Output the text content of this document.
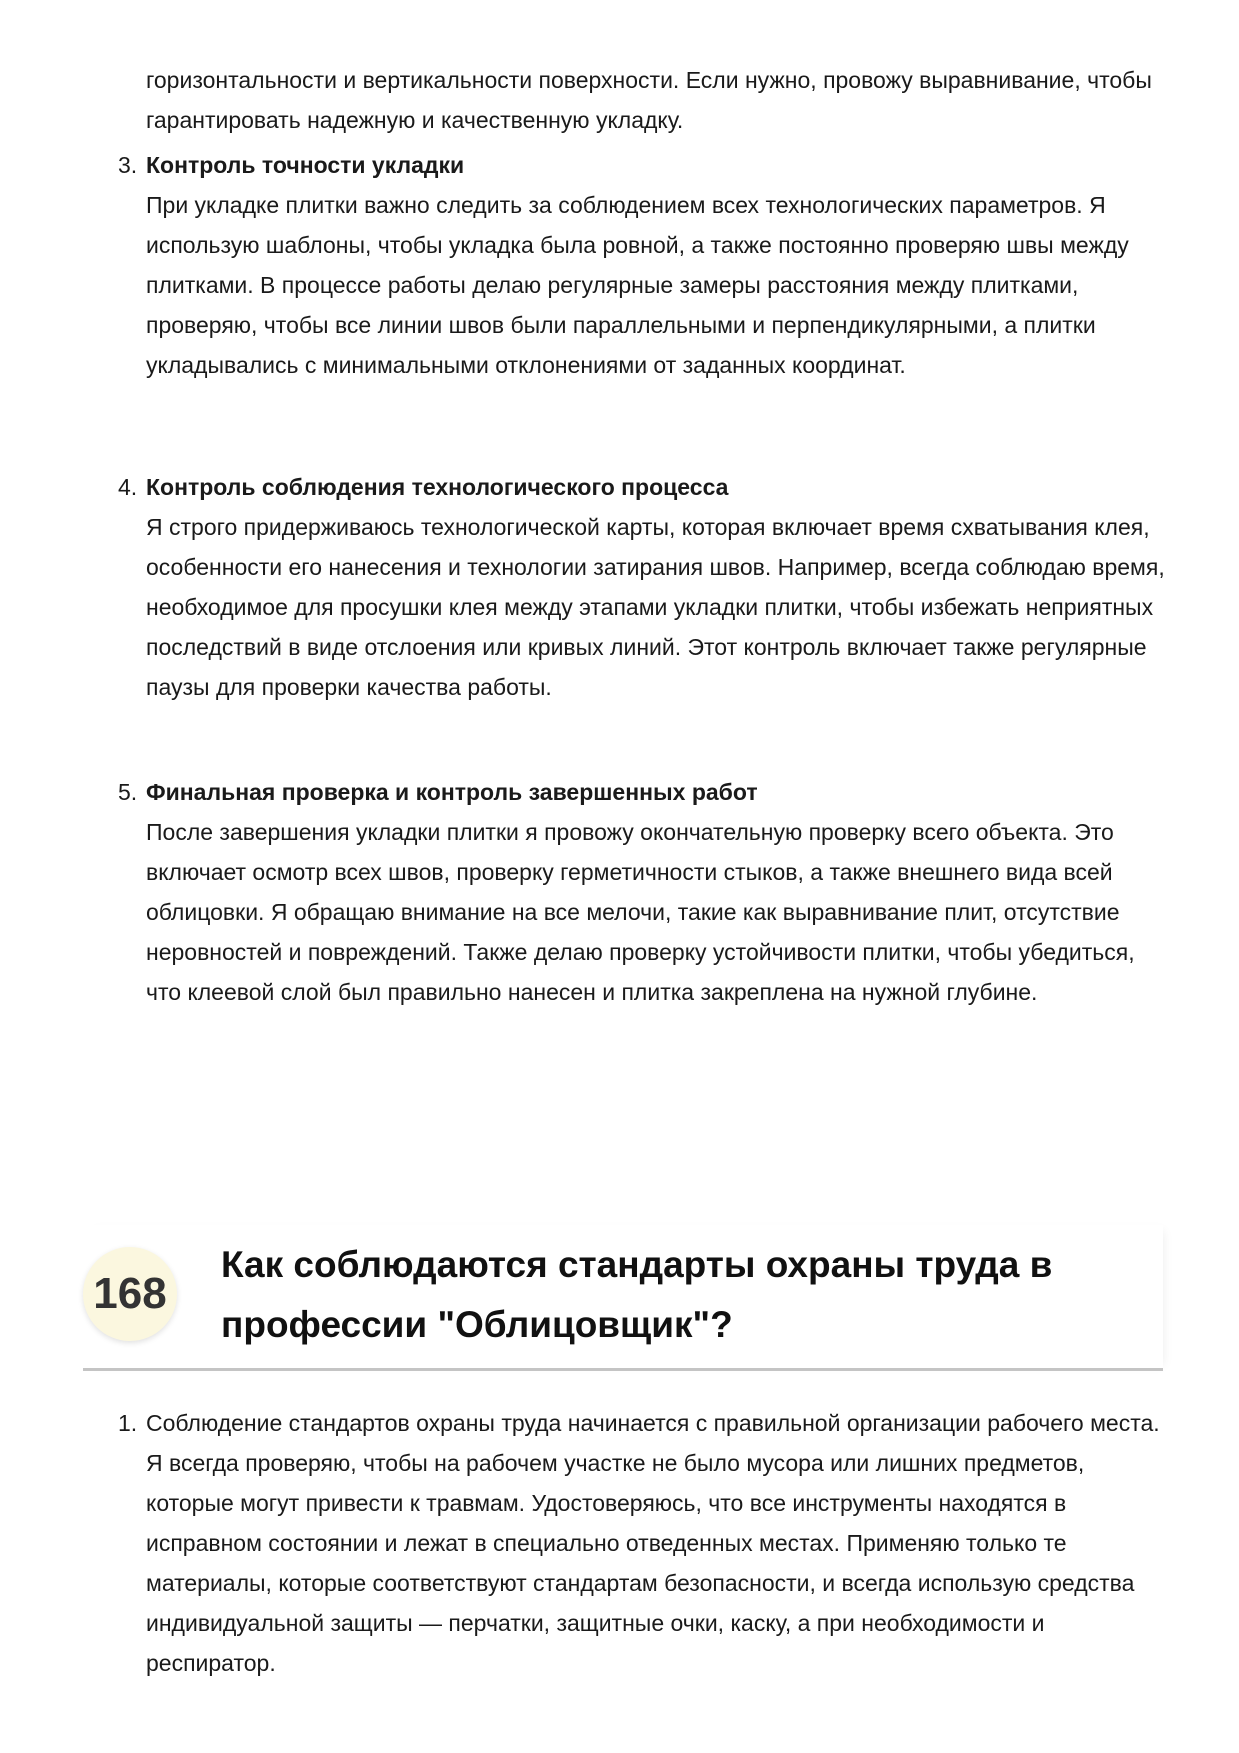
горизонтальности и вертикальности поверхности. Если нужно, провожу выравнивание, чтобы гарантировать надежную и качественную укладку.

3. Контроль точности укладки
При укладке плитки важно следить за соблюдением всех технологических параметров. Я использую шаблоны, чтобы укладка была ровной, а также постоянно проверяю швы между плитками. В процессе работы делаю регулярные замеры расстояния между плитками, проверяю, чтобы все линии швов были параллельными и перпендикулярными, а плитки укладывались с минимальными отклонениями от заданных координат.
4. Контроль соблюдения технологического процесса
Я строго придерживаюсь технологической карты, которая включает время схватывания клея, особенности его нанесения и технологии затирания швов. Например, всегда соблюдаю время, необходимое для просушки клея между этапами укладки плитки, чтобы избежать неприятных последствий в виде отслоения или кривых линий. Этот контроль включает также регулярные паузы для проверки качества работы.
5. Финальная проверка и контроль завершенных работ
После завершения укладки плитки я провожу окончательную проверку всего объекта. Это включает осмотр всех швов, проверку герметичности стыков, а также внешнего вида всей облицовки. Я обращаю внимание на все мелочи, такие как выравнивание плит, отсутствие неровностей и повреждений. Также делаю проверку устойчивости плитки, чтобы убедиться, что клеевой слой был правильно нанесен и плитка закреплена на нужной глубине.
168
Как соблюдаются стандарты охраны труда в профессии "Облицовщик"?
1. Соблюдение стандартов охраны труда начинается с правильной организации рабочего места. Я всегда проверяю, чтобы на рабочем участке не было мусора или лишних предметов, которые могут привести к травмам. Удостоверяюсь, что все инструменты находятся в исправном состоянии и лежат в специально отведенных местах. Применяю только те материалы, которые соответствуют стандартам безопасности, и всегда использую средства индивидуальной защиты — перчатки, защитные очки, каску, а при необходимости и респиратор.
